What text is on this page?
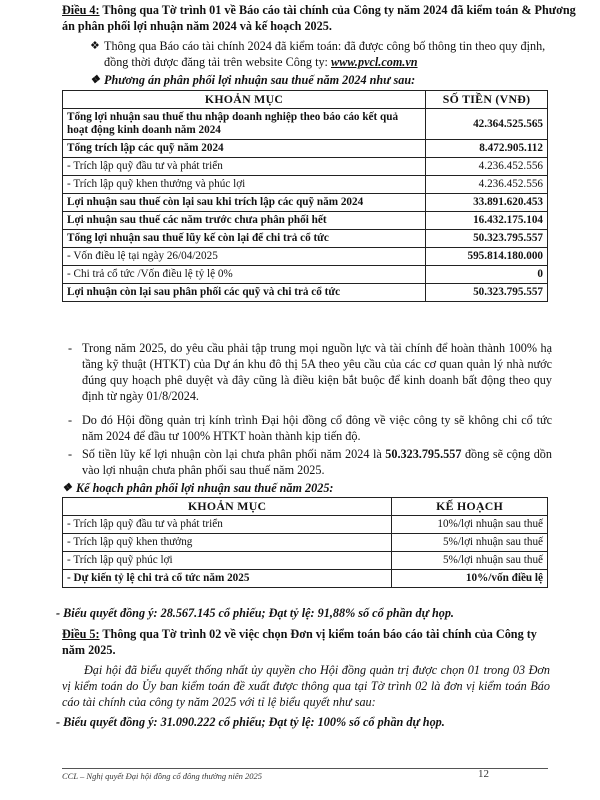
Điều 4: Thông qua Tờ trình 01 về Báo cáo tài chính của Công ty năm 2024 đã kiểm toán & Phương án phân phối lợi nhuận năm 2024 và kế hoạch 2025.
❖ Thông qua Báo cáo tài chính 2024 đã kiểm toán: đã được công bố thông tin theo quy định, đồng thời được đăng tải trên website Công ty: www.pvcl.com.vn
❖ Phương án phân phối lợi nhuận sau thuế năm 2024 như sau:
KHOẢN MỤC	SỐ TIỀN (VNĐ)
Tổng lợi nhuận sau thuế thu nhập doanh nghiệp theo báo cáo kết quả hoạt động kinh doanh năm 2024	42.364.525.565
Tổng trích lập các quỹ năm 2024	8.472.905.112
- Trích lập quỹ đầu tư và phát triển	4.236.452.556
- Trích lập quỹ khen thưởng và phúc lợi	4.236.452.556
Lợi nhuận sau thuế còn lại sau khi trích lập các quỹ năm 2024	33.891.620.453
Lợi nhuận sau thuế các năm trước chưa phân phối hết	16.432.175.104
Tổng lợi nhuận sau thuế lũy kế còn lại để chi trả cổ tức	50.323.795.557
- Vốn điều lệ tại ngày 26/04/2025	595.814.180.000
- Chi trả cổ tức /Vốn điều lệ tỷ lệ 0%	0
Lợi nhuận còn lại sau phân phối các quỹ và chi trả cổ tức	50.323.795.557
- Trong năm 2025, do yêu cầu phải tập trung mọi nguồn lực và tài chính để hoàn thành 100% hạ tầng kỹ thuật (HTKT) của Dự án khu đô thị 5A theo yêu cầu của các cơ quan quản lý nhà nước đúng quy hoạch phê duyệt và đây cũng là điều kiện bắt buộc để kinh doanh bất động theo quy định từ ngày 01/8/2024.
- Do đó Hội đồng quản trị kính trình Đại hội đồng cổ đông về việc công ty sẽ không chi cổ tức năm 2024 để đầu tư 100% HTKT hoàn thành kịp tiến độ.
- Số tiền lũy kế lợi nhuận còn lại chưa phân phối năm 2024 là 50.323.795.557 đồng sẽ cộng dồn vào lợi nhuận chưa phân phối sau thuế năm 2025.
❖ Kế hoạch phân phối lợi nhuận sau thuế năm 2025:
KHOẢN MỤC	KẾ HOẠCH
- Trích lập quỹ đầu tư và phát triển	10%/lợi nhuận sau thuế
- Trích lập quỹ khen thưởng	5%/lợi nhuận sau thuế
- Trích lập quỹ phúc lợi	5%/lợi nhuận sau thuế
- Dự kiến tỷ lệ chi trả cổ tức năm 2025	10%/vốn điều lệ
- Biểu quyết đồng ý: 28.567.145 cổ phiếu; Đạt tỷ lệ: 91,88% số cổ phần dự họp.
Điều 5: Thông qua Tờ trình 02 về việc chọn Đơn vị kiểm toán báo cáo tài chính của Công ty năm 2025.
Đại hội đã biểu quyết thống nhất ủy quyền cho Hội đồng quản trị được chọn 01 trong 03 Đơn vị kiểm toán do Ủy ban kiểm toán đề xuất được thông qua tại Tờ trình 02 là đơn vị kiểm toán Báo cáo tài chính của công ty năm 2025 với tỉ lệ biểu quyết như sau:
- Biểu quyết đồng ý: 31.090.222 cổ phiếu; Đạt tỷ lệ: 100% số cổ phần dự họp.
CCL – Nghị quyết Đại hội đồng cổ đông thường niên 2025	12
